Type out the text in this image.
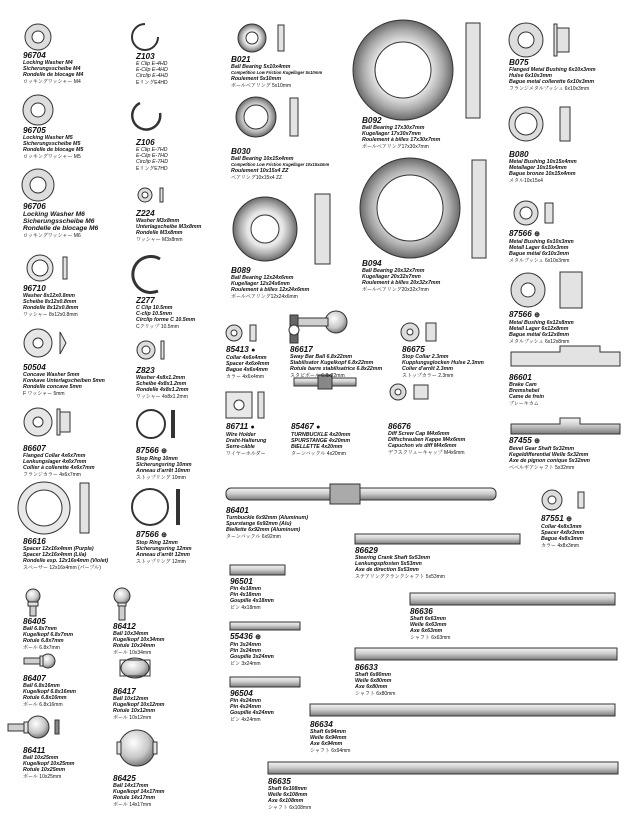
96704
Locking Washer M4
Sicherungsscheibe M4
Rondelle de blocage M4
ロッキングワッシャー M4
96705
Locking Washer M5
Sicherungsscheibe M5
Rondelle de blocage M5
ロッキングワッシャー M5
96706
Locking Washer M6
Sicherungsscheibe M6
Rondelle de blocage M6
ロッキングワッシャー M6
96710
Washer 8x12x0.8mm
Scheibe 8x12x0.8mm
Rondelle 8x12x0.8mm
ワッシャー 8x12x0.8mm
50504
Concave Washer 5mm
Konkave Unterlagscheiben 5mm
Rondelle concave 5mm
F ワッシャー 5mm
86607
Flanged Collar 4x6x7mm
Lenkungslager 4x6x7mm
Collier à collerette 4x6x7mm
フランジカラー 4x6x7mm
86616
Spacer 12x16x4mm (Purple)
Spacer 12x16x4mm (Lila)
Rondelle esp. 12x16x4mm (Violet)
スペーサー 12x16x4mm (パープル)
Z103
E Clip E-4HD
E-Clip E-4HD
Circlip E-4HD
EリングE4HD
Z106
E Clip E-7HD
E-Clip E-7HD
Circlip E-7HD
EリングE7HD
Z224
Washer M3x8mm
Unterlagscheibe M3x8mm
Rondelle M3x8mm
ワッシャー M3x8mm
Z277
C Clip 10.5mm
C-clip 10.5mm
Circlip forme C 10.5mm
Cクリップ 10.5mm
Z823
Washer 4x8x1.2mm
Scheibe 4x8x1.2mm
Rondelle 4x8x1.2mm
ワッシャー 4x8x1.2mm
87566 ⊕
Stop Ring 10mm
Sicherungsring 10mm
Anneau d'arrêt 10mm
ストップリング 10mm
87566 ⊕
Stop Ring 12mm
Sicherungsring 12mm
Anneau d'arrêt 12mm
ストップリング 12mm
B021
Ball Bearing 5x10x4mm
Competition Low Friction Kugellager 5x10mm
Roulement 5x10mm
ボールベアリング 5x10mm
B030
Ball Bearing 10x15x4mm
Competition Low Friction Kugellager 10x15x4mm
Roulement 10x15x4 ZZ
ベアリング10x15x4 ZZ
B089
Ball Bearing 12x24x6mm
Kugellager 12x24x6mm
Roulement à billes 12x24x6mm
ボールベアリング12x24x6mm
B092
Ball Bearing 17x30x7mm
Kugellager 17x30x7mm
Roulement à billes 17x30x7mm
ボールベアリング17x30x7mm
B094
Ball Bearing 20x32x7mm
Kugellager 20x32x7mm
Roulement à billes 20x32x7mm
ボールベアリング20x32x7mm
B075
Flanged Metal Bushing 6x10x3mm
Hulse 6x10x3mm
Bague metal collerette 6x10x3mm
フランジメタルブッシュ 6x10x3mm
B080
Metal Bushing 10x15x4mm
Metallager 10x15x4mm
Bague bronze 10x15x4mm
メタル10x15x4
87566 ⊕
Metal Bushing 6x10x3mm
Metall Lager 6x10x3mm
Bague métal 6x10x3mm
メタルブッシュ 6x10x3mm
87566 ⊕
Metal Bushing 6x12x8mm
Metall Lager 6x12x8mm
Bague métal 6x12x8mm
メタルブッシュ 6x12x8mm
86601
Brake Cam
Bremshebel
Came de frein
ブレーキカム
87455 ⊕
Bevel Gear Shaft 5x32mm
Kegeldifferential Welle 5x32mm
Axe de pignon conique 5x32mm
ベベルギアシャフト 5x32mm
85413 ●
Collar 4x6x4mm
Spacer 4x6x4mm
Bague 4x6x4mm
カラー 4x6x4mm
86617
Sway Bar Ball 6.8x22mm
Stabilisator Kugelkopf 6.8x22mm
Rotule barre stabilisatrice 6.8x22mm
スタビボール 6.8x22mm
86675
Stop Collar 2.3mm
Kupplungsglocken Hulse 2.3mm
Colier d'arrêt 2.3mm
ストップカラー 2.3mm
86711 ●
Wire Holder
Draht-Halterung
Serre-câble
ワイヤーホルダー
85467 ●
TURNBUCKLE 4x20mm
SPURSTANGE 4x20mm
BIELLETTE 4x20mm
ターンバックル 4x20mm
86676
Diff Screw Cap M4x6mm
Diffschrauben Kappe M4x6mm
Capuchon vis diff M4x6mm
デフスクリューキャップ M4x6mm
86401
Turnbuckle 6x92mm (Aluminum)
Spurstange 6x92mm (Alu)
Biellette 6x92mm (Aluminum)
ターンバックル 6x92mm
87551 ⊕
Collar 4x8x3mm
Spacer 4x8x3mm
Bague 4x8x3mm
カラー 4x8x3mm
86629
Steering Crank Shaft 5x53mm
Lenkungspfosten 5x53mm
Axe de direction 5x53mm
ステアリングクランクシャフト 5x53mm
96501
Pin 4x18mm
Pin 4x18mm
Goupille 4x18mm
ピン 4x18mm
55436 ⊕
Pin 3x24mm
Pin 3x24mm
Goupille 3x24mm
ピン 3x24mm
96504
Pin 4x24mm
Pin 4x24mm
Goupille 4x24mm
ピン 4x24mm
86636
Shaft 6x63mm
Welle 6x63mm
Axe 6x63mm
シャフト 6x63mm
86633
Shaft 6x80mm
Welle 6x80mm
Axe 6x80mm
シャフト 6x80mm
86634
Shaft 6x94mm
Welle 6x94mm
Axe 6x94mm
シャフト 6x94mm
86635
Shaft 6x108mm
Welle 6x108mm
Axe 6x108mm
シャフト 6x108mm
86405
Ball 6.8x7mm
Kugelkopf 6.8x7mm
Rotule 6.8x7mm
ボール 6.8x7mm
86407
Ball 6.8x16mm
Kugelkopf 6.8x16mm
Rotule 6.8x16mm
ボール 6.8x16mm
86411
Ball 10x25mm
Kugelkopf 10x25mm
Rotule 10x25mm
ボール 10x25mm
86412
Ball 10x34mm
Kugelkopf 10x34mm
Rotule 10x34mm
ボール 10x34mm
86417
Ball 10x12mm
Kugelkopf 10x12mm
Rotule 10x12mm
ボール 10x12mm
86425
Ball 14x17mm
Kugelkopf 14x17mm
Rotule 14x17mm
ボール 14x17mm
